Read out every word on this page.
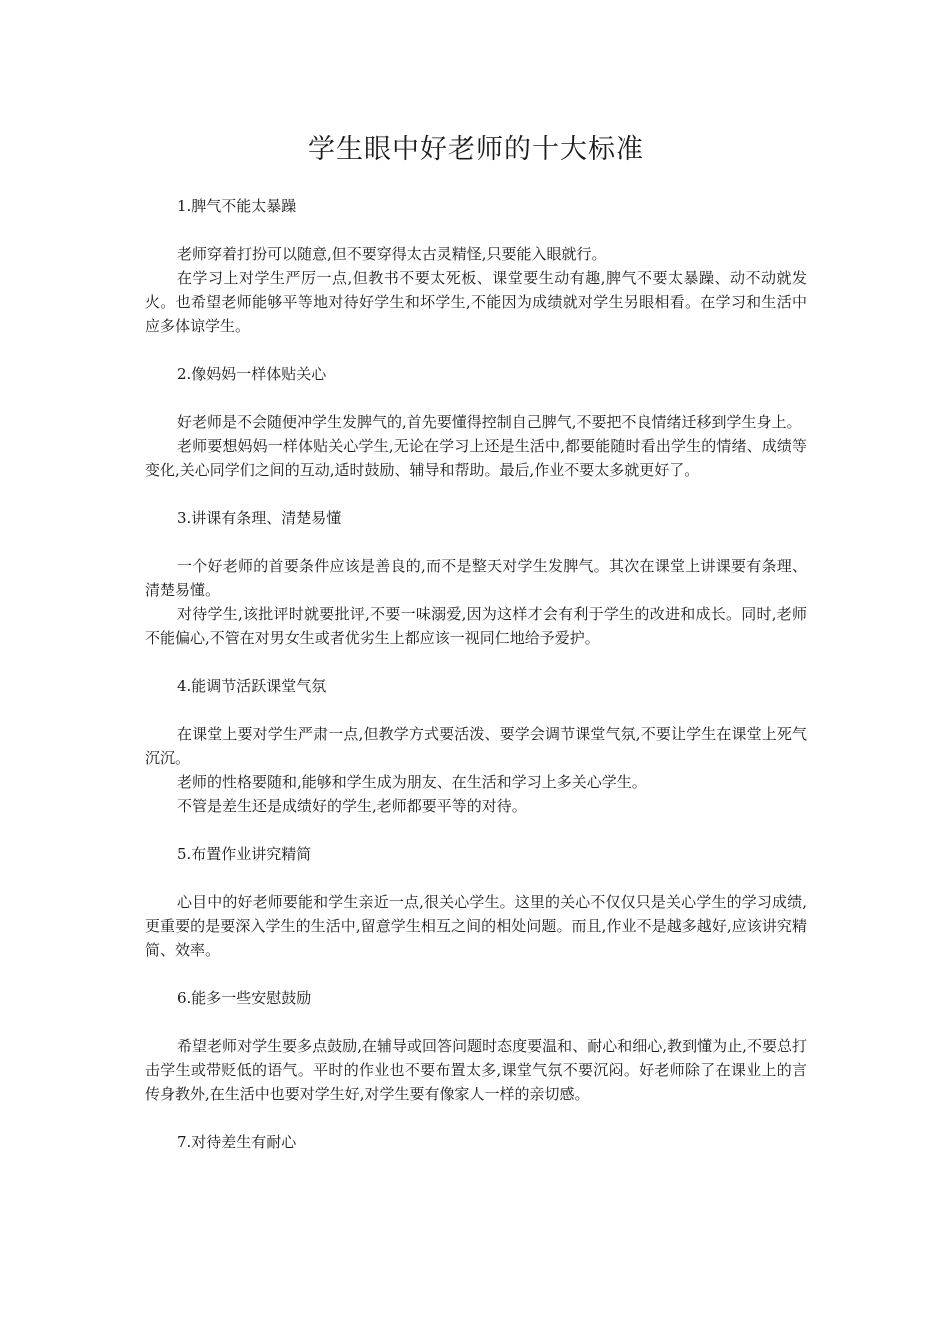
学生眼中好老师的十大标准

1.脾气不能太暴躁

老师穿着打扮可以随意,但不要穿得太古灵精怪,只要能入眼就行。

在学习上对学生严厉一点,但教书不要太死板、课堂要生动有趣,脾气不要太暴躁、动不动就发火。也希望老师能够平等地对待好学生和坏学生,不能因为成绩就对学生另眼相看。在学习和生活中应多体谅学生。

2.像妈妈一样体贴关心

好老师是不会随便冲学生发脾气的,首先要懂得控制自己脾气,不要把不良情绪迁移到学生身上。

老师要想妈妈一样体贴关心学生,无论在学习上还是生活中,都要能随时看出学生的情绪、成绩等变化,关心同学们之间的互动,适时鼓励、辅导和帮助。最后,作业不要太多就更好了。

3.讲课有条理、清楚易懂

一个好老师的首要条件应该是善良的,而不是整天对学生发脾气。其次在课堂上讲课要有条理、清楚易懂。

对待学生,该批评时就要批评,不要一味溺爱,因为这样才会有利于学生的改进和成长。同时,老师不能偏心,不管在对男女生或者优劣生上都应该一视同仁地给予爱护。

4.能调节活跃课堂气氛

在课堂上要对学生严肃一点,但教学方式要活泼、要学会调节课堂气氛,不要让学生在课堂上死气沉沉。

老师的性格要随和,能够和学生成为朋友、在生活和学习上多关心学生。

不管是差生还是成绩好的学生,老师都要平等的对待。

5.布置作业讲究精简

心目中的好老师要能和学生亲近一点,很关心学生。这里的关心不仅仅只是关心学生的学习成绩,更重要的是要深入学生的生活中,留意学生相互之间的相处问题。而且,作业不是越多越好,应该讲究精简、效率。

6.能多一些安慰鼓励

希望老师对学生要多点鼓励,在辅导或回答问题时态度要温和、耐心和细心,教到懂为止,不要总打击学生或带贬低的语气。平时的作业也不要布置太多,课堂气氛不要沉闷。好老师除了在课业上的言传身教外,在生活中也要对学生好,对学生要有像家人一样的亲切感。

7.对待差生有耐心
